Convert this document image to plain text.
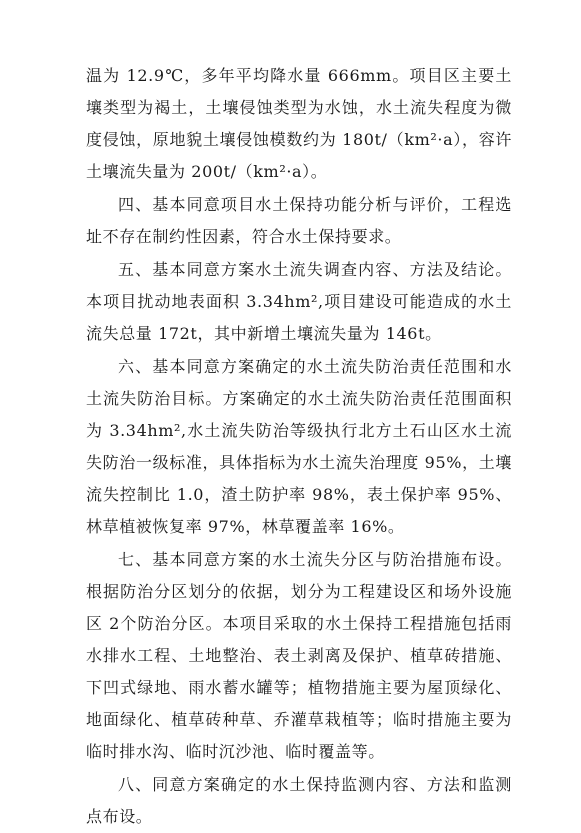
温为 12.9℃，多年平均降水量 666mm。项目区主要土壤类型为褐土，土壤侵蚀类型为水蚀，水土流失程度为微度侵蚀，原地貌土壤侵蚀模数约为 180t/（km²·a），容许土壤流失量为 200t/（km²·a）。

四、基本同意项目水土保持功能分析与评价，工程选址不存在制约性因素，符合水土保持要求。

五、基本同意方案水土流失调查内容、方法及结论。本项目扰动地表面积 3.34hm²,项目建设可能造成的水土流失总量 172t，其中新增土壤流失量为 146t。

六、基本同意方案确定的水土流失防治责任范围和水土流失防治目标。方案确定的水土流失防治责任范围面积为 3.34hm²,水土流失防治等级执行北方土石山区水土流失防治一级标准，具体指标为水土流失治理度 95%，土壤流失控制比 1.0，渣土防护率 98%，表土保护率 95%、林草植被恢复率 97%，林草覆盖率 16%。

七、基本同意方案的水土流失分区与防治措施布设。根据防治分区划分的依据，划分为工程建设区和场外设施区 2个防治分区。本项目采取的水土保持工程措施包括雨水排水工程、土地整治、表土剥离及保护、植草砖措施、下凹式绿地、雨水蓄水罐等；植物措施主要为屋顶绿化、地面绿化、植草砖种草、乔灌草栽植等；临时措施主要为临时排水沟、临时沉沙池、临时覆盖等。

八、同意方案确定的水土保持监测内容、方法和监测点布设。
